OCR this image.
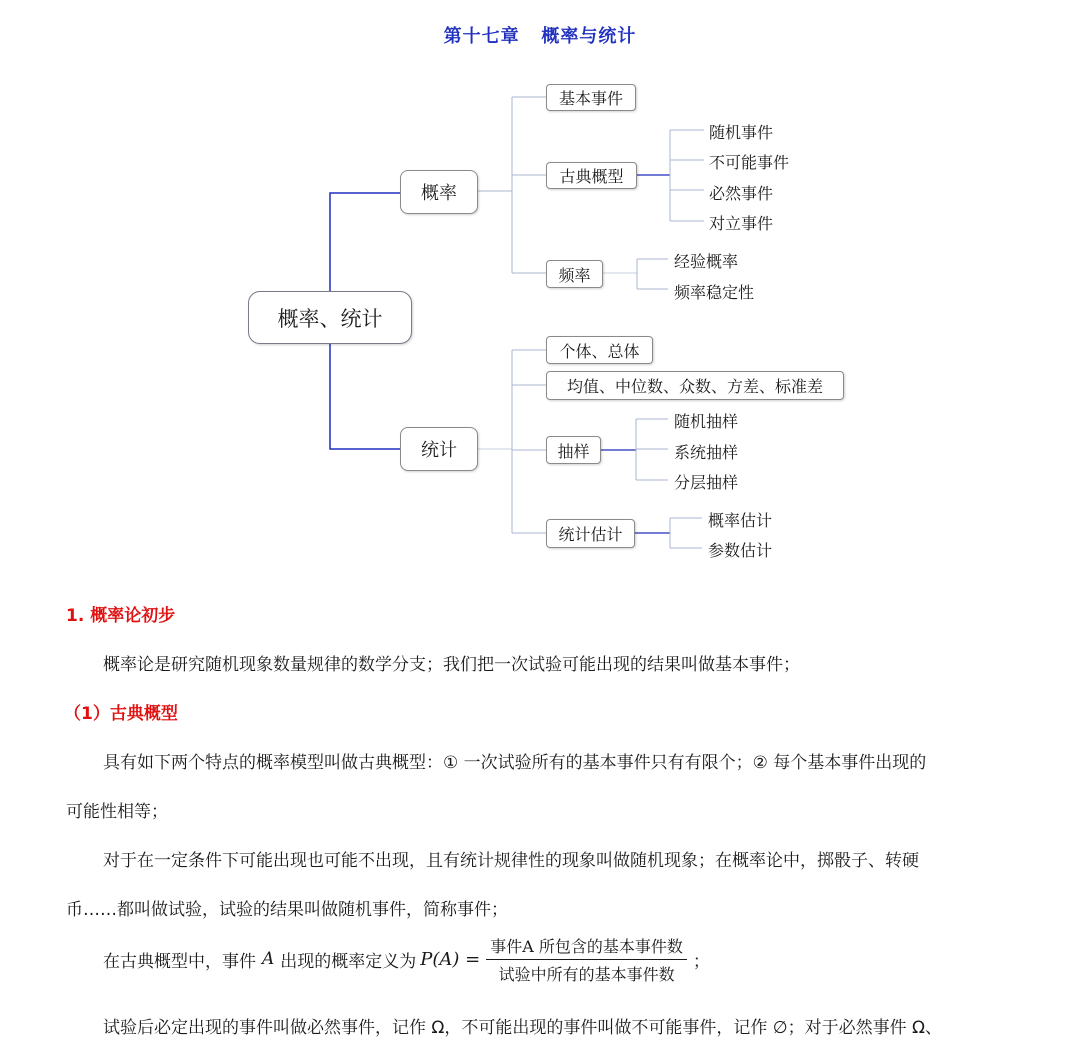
第十七章 概率与统计
概率、统计
概率
基本事件
古典概型
随机事件
不可能事件
必然事件
对立事件
频率
经验概率
频率稳定性
统计
个体、总体
均值、中位数、众数、方差、标准差
抽样
随机抽样
系统抽样
分层抽样
统计估计
概率估计
参数估计
1. 概率论初步
概率论是研究随机现象数量规律的数学分支；我们把一次试验可能出现的结果叫做基本事件；
（1）古典概型
具有如下两个特点的概率模型叫做古典概型：① 一次试验所有的基本事件只有有限个；② 每个基本事件出现的
可能性相等；
对于在一定条件下可能出现也可能不出现，且有统计规律性的现象叫做随机现象；在概率论中，掷骰子、转硬
币……都叫做试验，试验的结果叫做随机事件，简称事件；
在古典概型中，事件 A 出现的概率定义为 $P(A) = \frac{\text{事件A 所包含的基本事件数}}{\text{试验中所有的基本事件数}}$ ；
试验后必定出现的事件叫做必然事件，记作 Ω，不可能出现的事件叫做不可能事件，记作 ∅；对于必然事件 Ω、
